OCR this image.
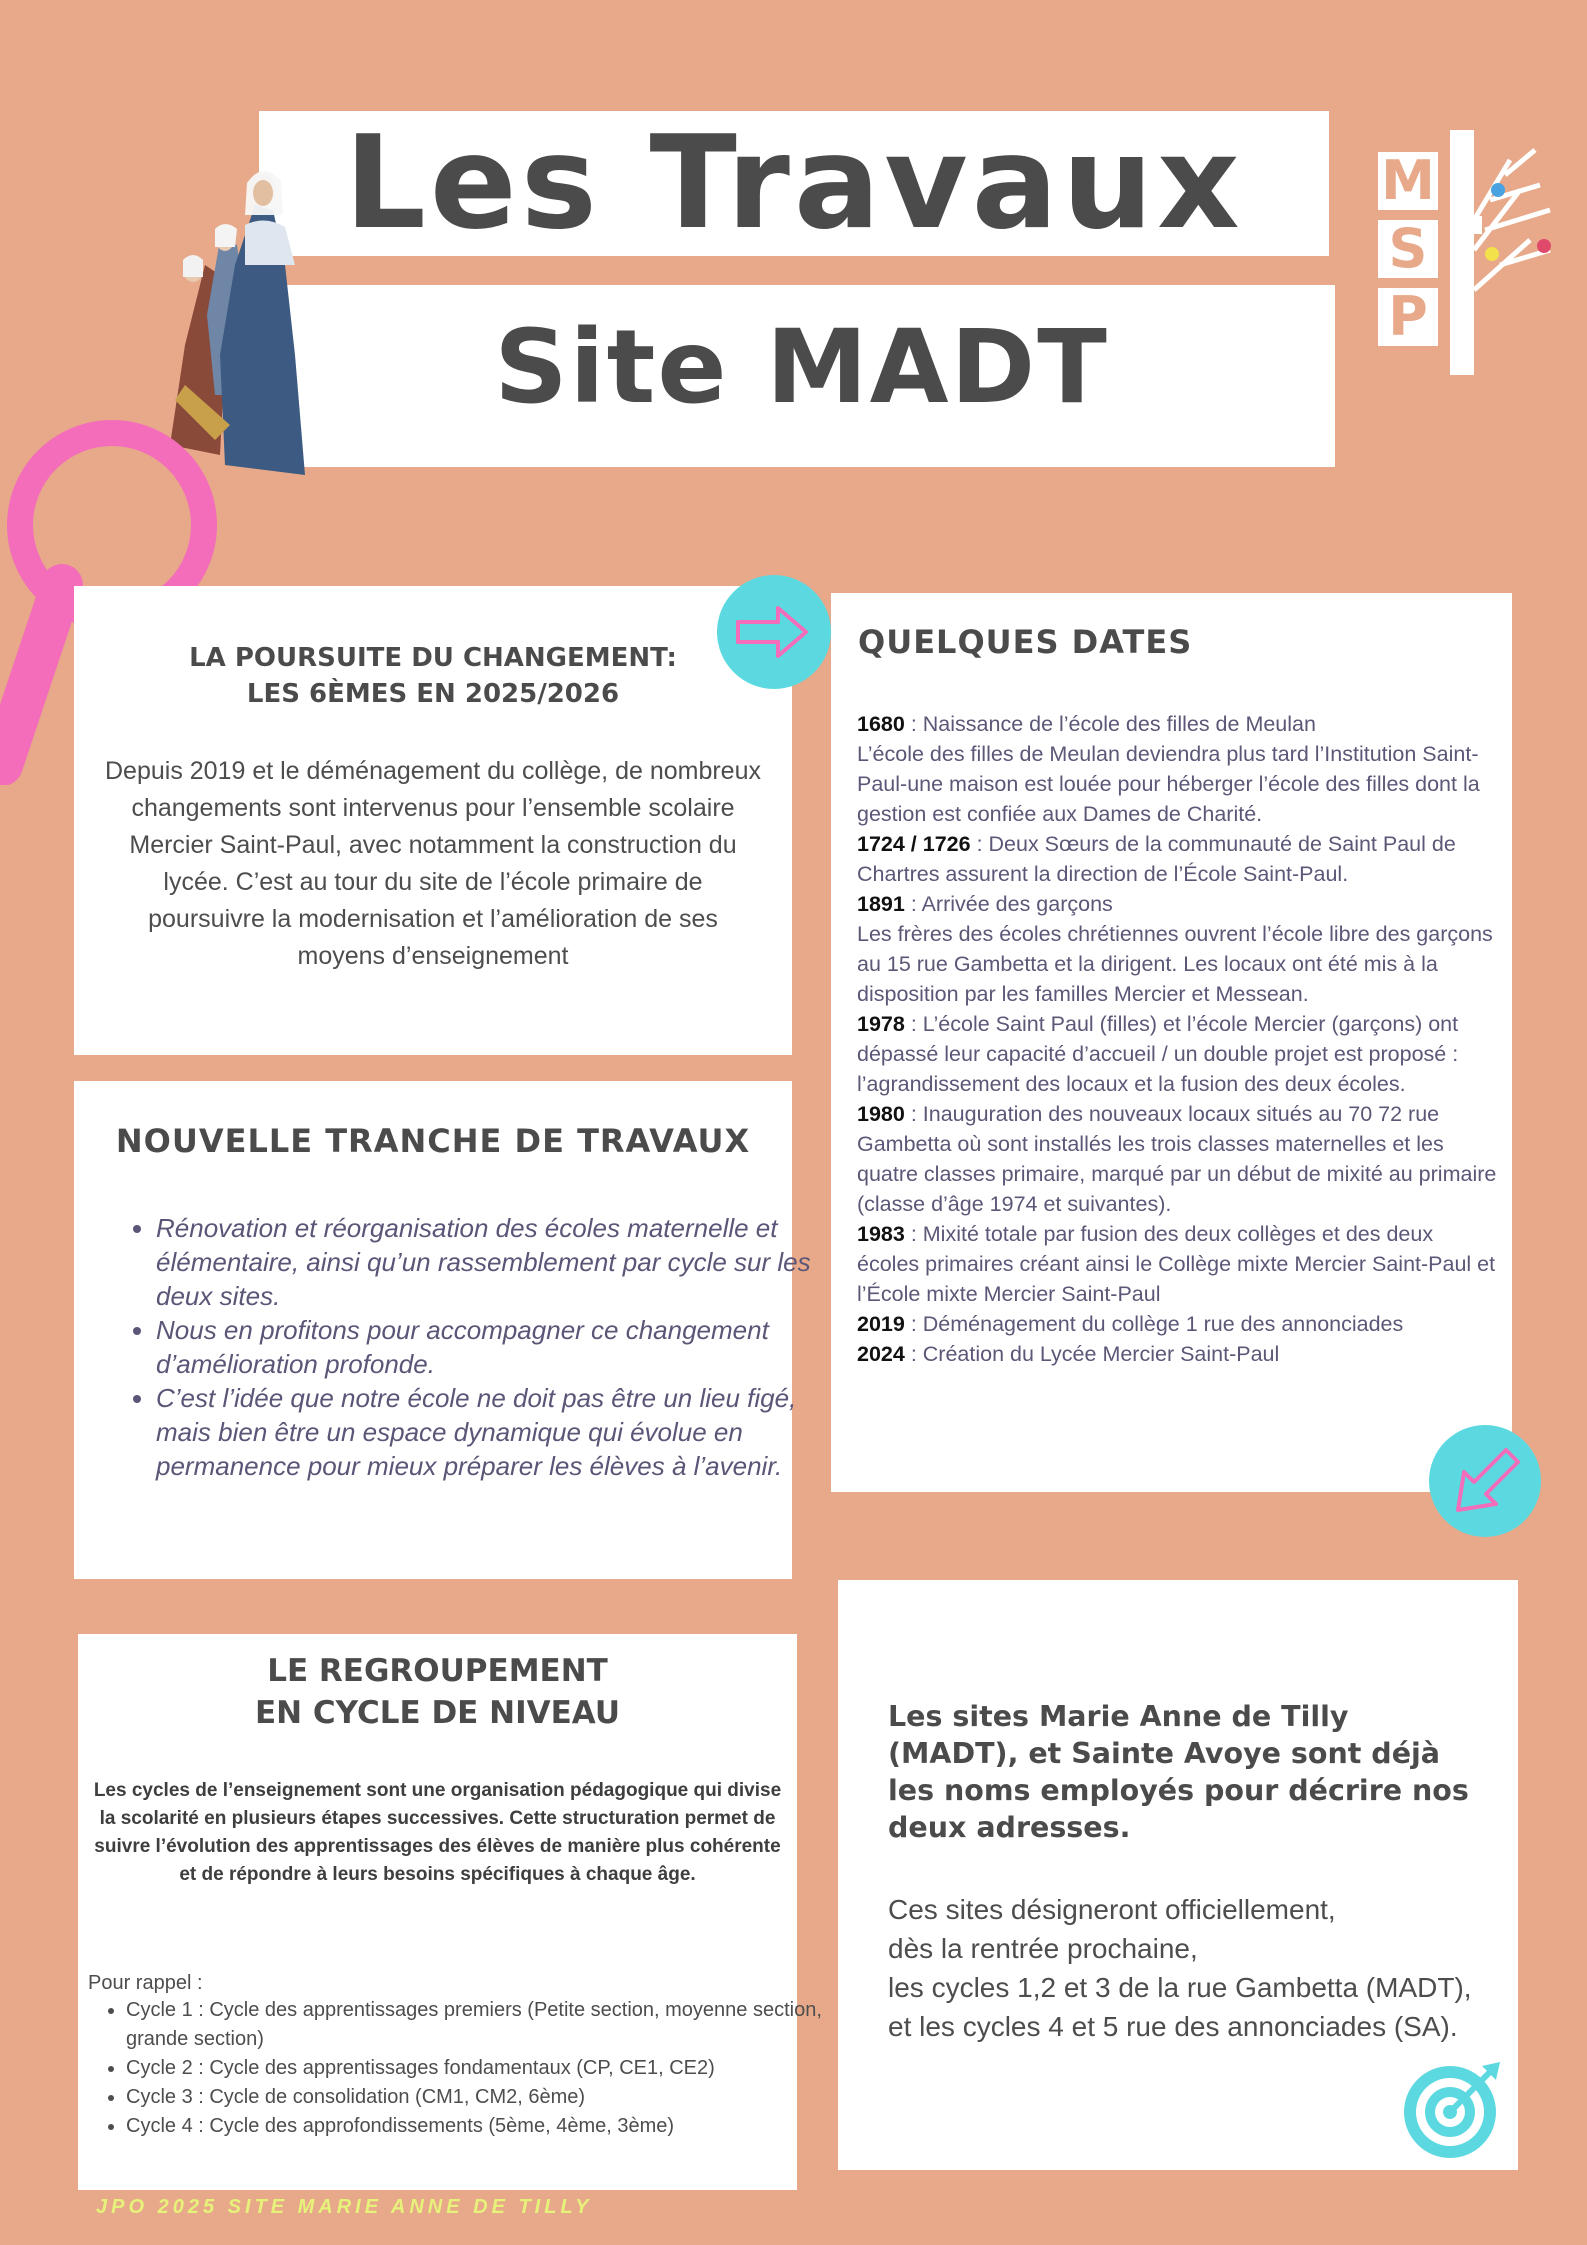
Les Travaux
Site MADT
M
S
P
LA POURSUITE DU CHANGEMENT:
LES 6ÈMES EN 2025/2026
Depuis 2019 et le déménagement du collège, de nombreux changements sont intervenus pour l’ensemble scolaire Mercier Saint-Paul, avec notamment la construction du lycée. C’est au tour du site de l’école primaire de poursuivre la modernisation et l’amélioration de ses moyens d’enseignement
NOUVELLE TRANCHE DE TRAVAUX
• Rénovation et réorganisation des écoles maternelle et élémentaire, ainsi qu’un rassemblement par cycle sur les deux sites.
• Nous en profitons pour accompagner ce changement d’amélioration profonde.
• C’est l’idée que notre école ne doit pas être un lieu figé, mais bien être un espace dynamique qui évolue en permanence pour mieux préparer les élèves à l’avenir.
QUELQUES DATES

1680 : Naissance de l’école des filles de Meulan

L’école des filles de Meulan deviendra plus tard l’Institution Saint-Paul-une maison est louée pour héberger l’école des filles dont la gestion est confiée aux Dames de Charité.

1724 / 1726 : Deux Sœurs de la communauté de Saint Paul de Chartres assurent la direction de l’École Saint-Paul.

1891 : Arrivée des garçons

Les frères des écoles chrétiennes ouvrent l’école libre des garçons au 15 rue Gambetta et la dirigent. Les locaux ont été mis à la disposition par les familles Mercier et Messean.

1978 : L’école Saint Paul (filles) et l’école Mercier (garçons) ont dépassé leur capacité d’accueil / un double projet est proposé : l’agrandissement des locaux et la fusion des deux écoles.

1980 : Inauguration des nouveaux locaux situés au 70 72 rue Gambetta où sont installés les trois classes maternelles et les quatre classes primaire, marqué par un début de mixité au primaire (classe d’âge 1974 et suivantes).

1983 : Mixité totale par fusion des deux collèges et des deux écoles primaires créant ainsi le Collège mixte Mercier Saint-Paul et l’École mixte Mercier Saint-Paul

2019 : Déménagement du collège 1 rue des annonciades

2024 : Création du Lycée Mercier Saint-Paul

LE REGROUPEMENT
EN CYCLE DE NIVEAU
Les cycles de l’enseignement sont une organisation pédagogique qui divise la scolarité en plusieurs étapes successives. Cette structuration permet de suivre l’évolution des apprentissages des élèves de manière plus cohérente et de répondre à leurs besoins spécifiques à chaque âge.
Pour rappel :
• Cycle 1 : Cycle des apprentissages premiers (Petite section, moyenne section, grande section)
• Cycle 2 : Cycle des apprentissages fondamentaux (CP, CE1, CE2)
• Cycle 3 : Cycle de consolidation (CM1, CM2, 6ème)
• Cycle 4 : Cycle des approfondissements (5ème, 4ème, 3ème)
Les sites Marie Anne de Tilly (MADT), et Sainte Avoye sont déjà les noms employés pour décrire nos deux adresses.
Ces sites désigneront officiellement,
dès la rentrée prochaine,
les cycles 1,2 et 3 de la rue Gambetta (MADT), et les cycles 4 et 5 rue des annonciades (SA).
JPO 2025 SITE MARIE ANNE DE TILLY
